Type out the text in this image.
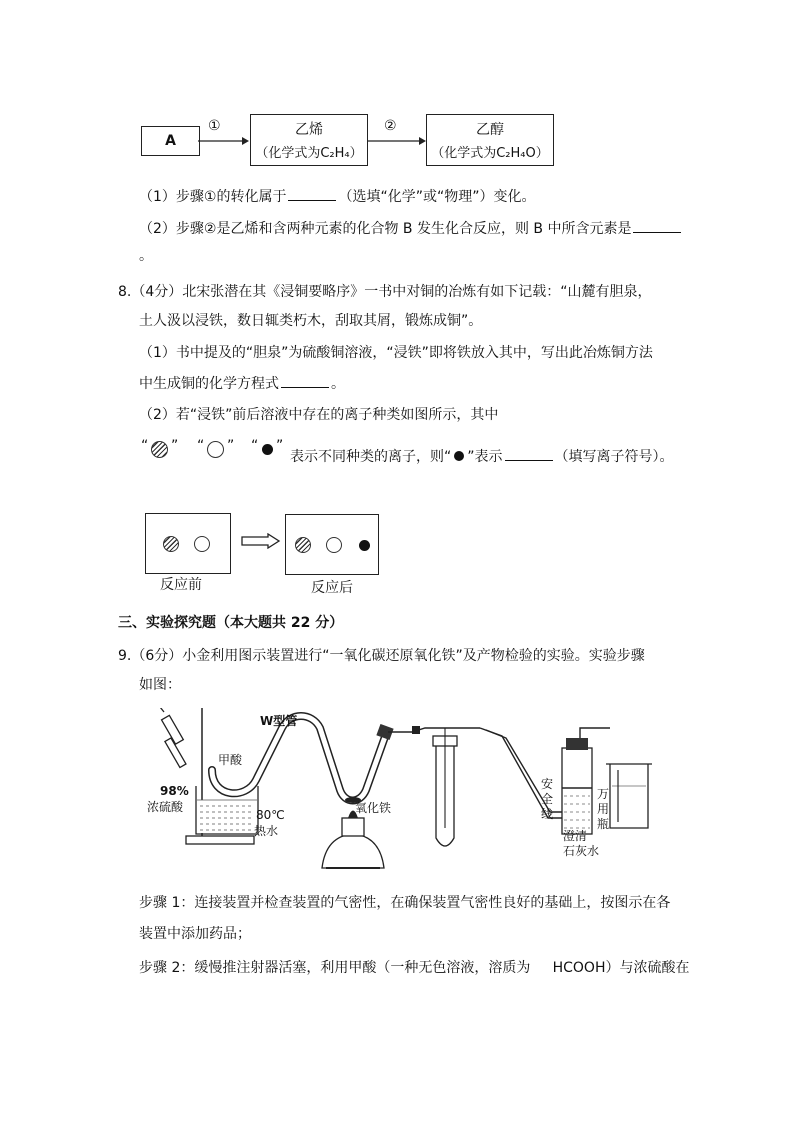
A
①	乙烯
（化学式为C₂H₄）
②	乙醇
（化学式为C₂H₄O）
（1）步骤①的转化属于	（选填“化学”或“物理”）变化。
（2）步骤②是乙烯和含两种元素的化合物 B 发生化合反应，则 B 中所含元素是
。
8.（4分）北宋张潜在其《浸铜要略序》一书中对铜的冶炼有如下记载：“山麓有胆泉，
土人汲以浸铁，数日辄类朽木，刮取其屑，锻炼成铜”。
（1）书中提及的“胆泉”为硫酸铜溶液，“浸铁”即将铁放入其中，写出此冶炼铜方法
中生成铜的化学方程式	。
（2）若“浸铁”前后溶液中存在的离子种类如图所示，其中
“ ” “ ” “ ”
表示不同种类的离子，则“ ”表示	（填写离子符号）。
反应前	反应后
三、实验探究题（本大题共 22 分）
9.（6分）小金利用图示装置进行“一氧化碳还原氧化铁”及产物检验的实验。实验步骤
如图：
W型管
甲酸
98%
浓硫酸
80℃
热水
氧化铁
安
全
线
万
用
瓶
澄清
石灰水
步骤 1：连接装置并检查装置的气密性，在确保装置气密性良好的基础上，按图示在各
装置中添加药品；
步骤 2：缓慢推注射器活塞，利用甲酸（一种无色溶液，溶质为     HCOOH）与浓硫酸在
